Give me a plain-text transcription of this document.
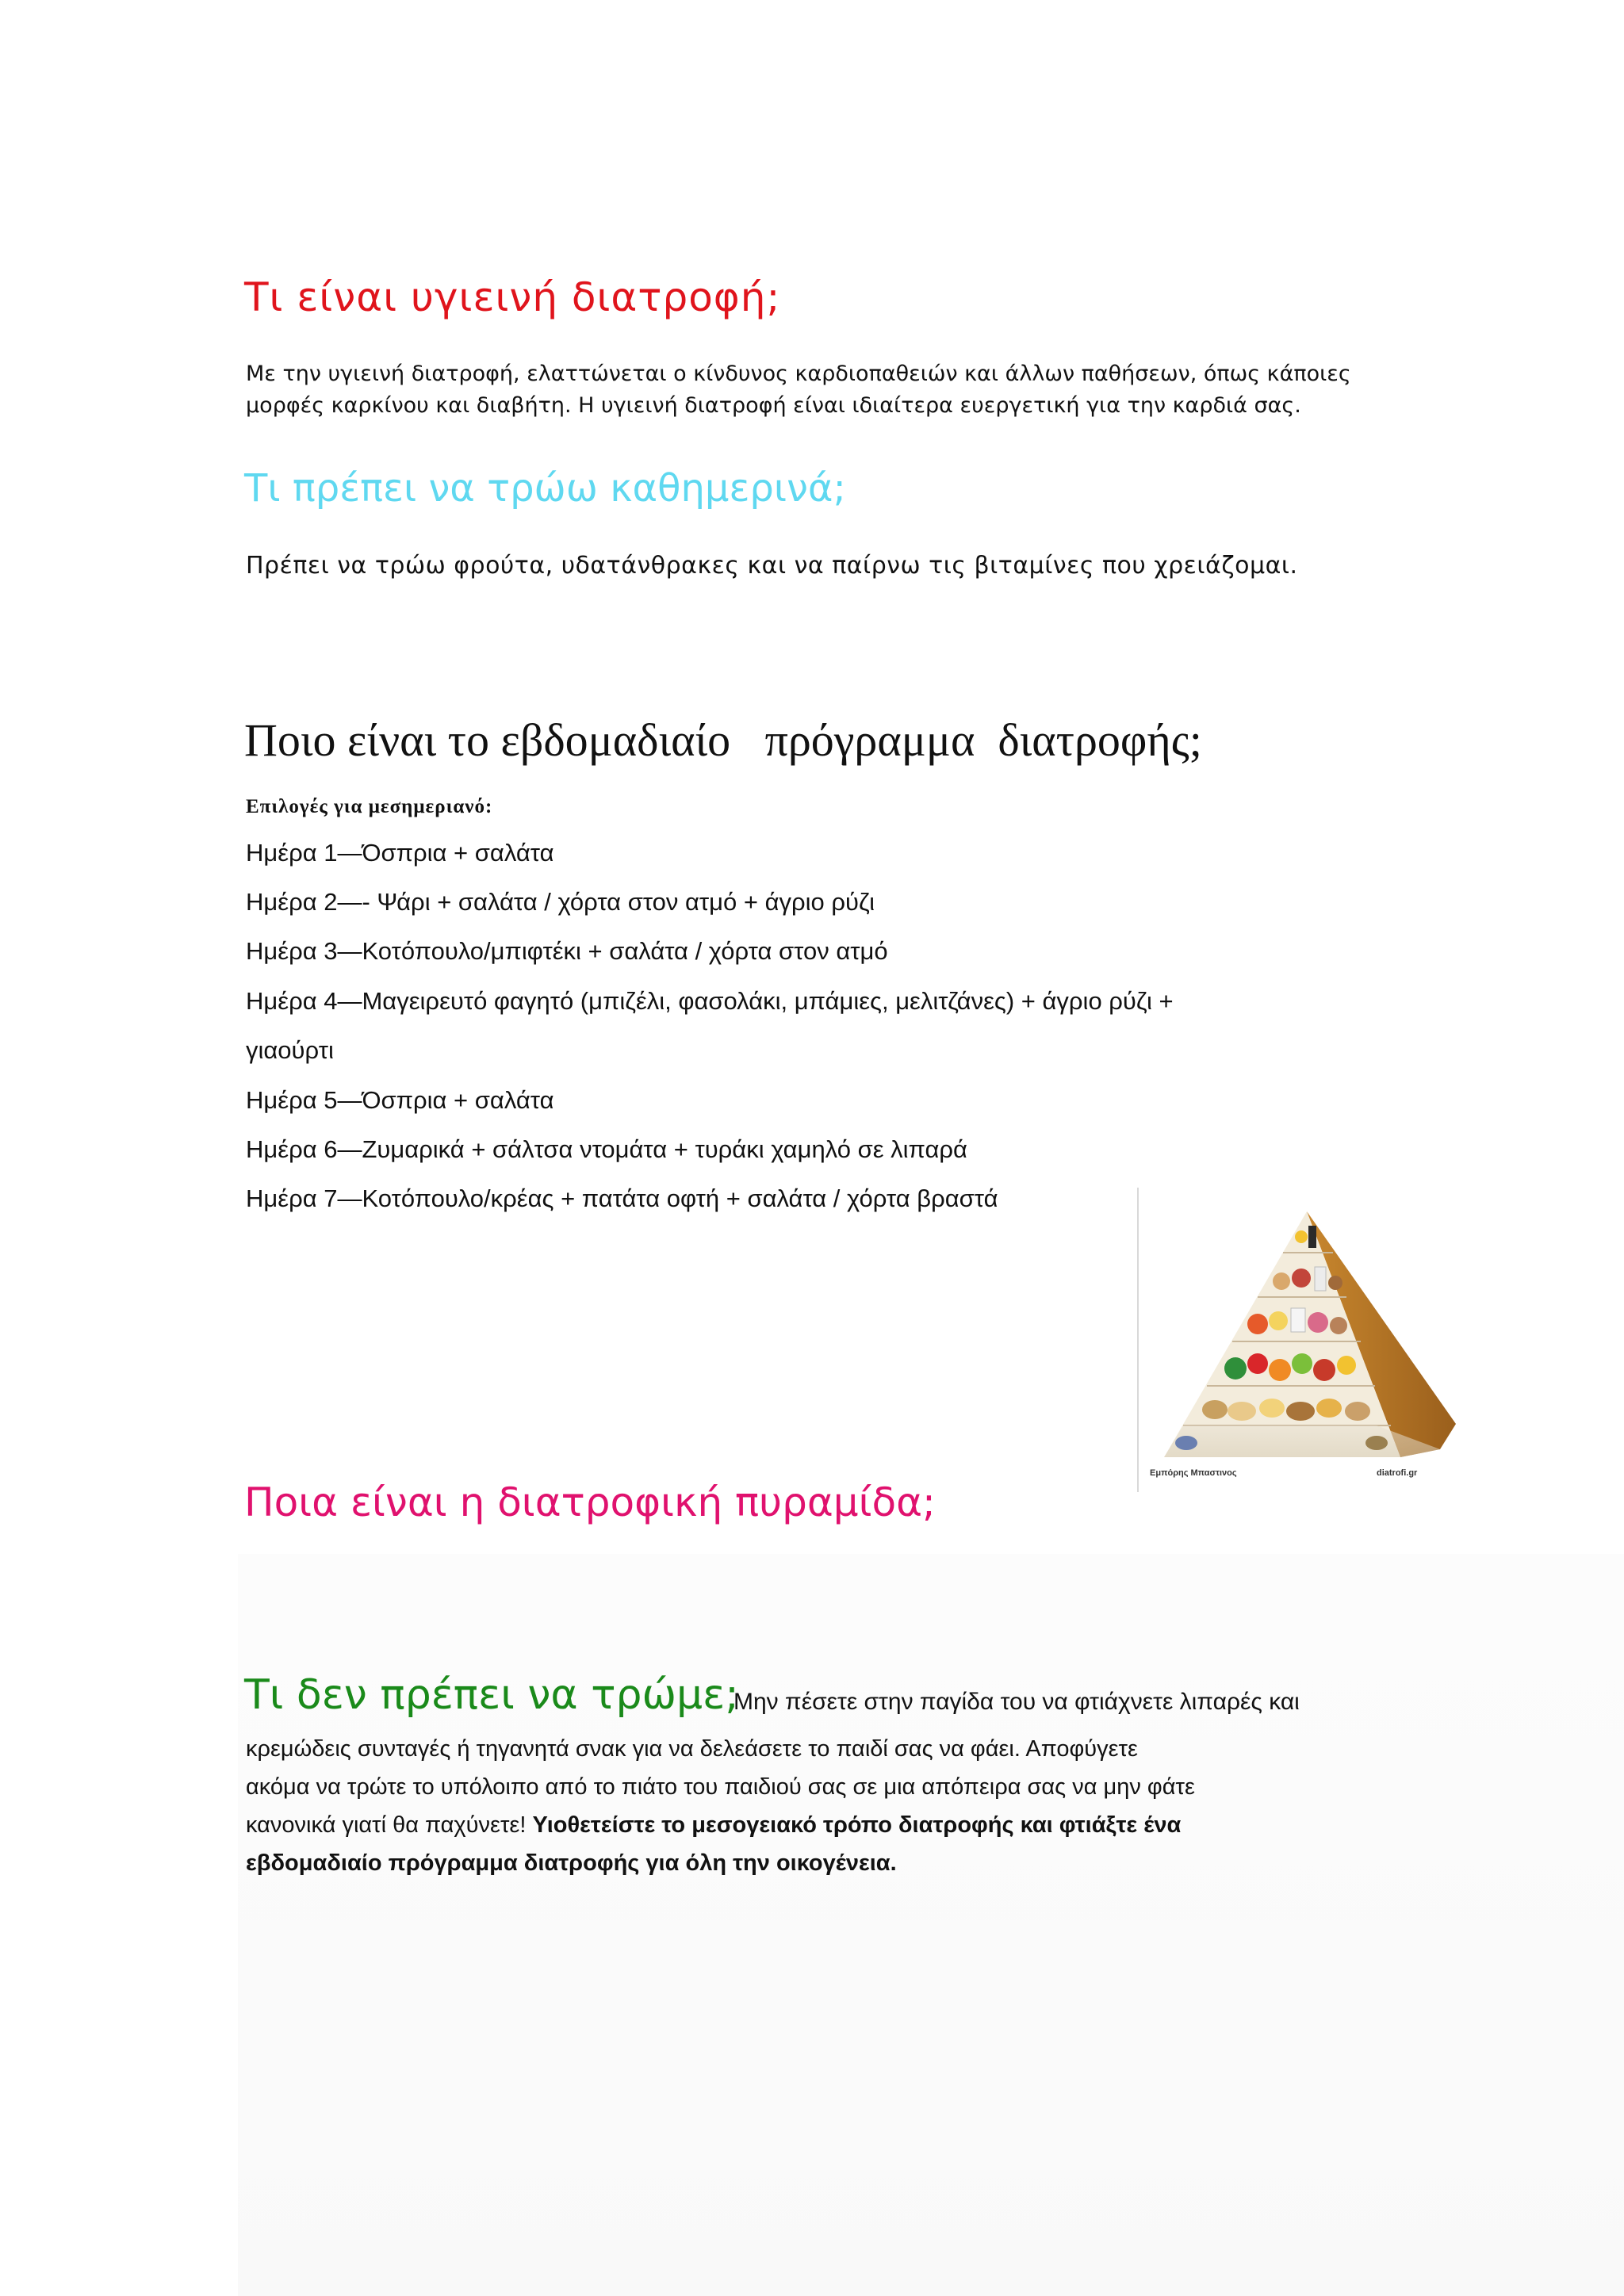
Τι είναι υγιεινή διατροφή;
Με την υγιεινή διατροφή, ελαττώνεται ο κίνδυνος καρδιοπαθειών και άλλων παθήσεων, όπως κάποιες
μορφές καρκίνου και διαβήτη. Η υγιεινή διατροφή είναι ιδιαίτερα ευεργετική για την καρδιά σας.
Τι πρέπει να τρώω καθημερινά;
Πρέπει να τρώω φρούτα, υδατάνθρακες και να παίρνω τις βιταμίνες που χρειάζομαι.
Ποιο είναι το εβδομαδιαίο   πρόγραμμα  διατροφής;
Επιλογές για μεσημεριανό:
Ημέρα 1—Όσπρια + σαλάτα
Ημέρα 2—- Ψάρι + σαλάτα / χόρτα στον ατμό + άγριο ρύζι
Ημέρα 3—Κοτόπουλο/μπιφτέκι + σαλάτα / χόρτα στον ατμό
Ημέρα 4—Μαγειρευτό φαγητό (μπιζέλι, φασολάκι, μπάμιες, μελιτζάνες) + άγριο ρύζι +
γιαούρτι
Ημέρα 5—Όσπρια + σαλάτα
Ημέρα 6—Ζυμαρικά + σάλτσα ντομάτα + τυράκι χαμηλό σε λιπαρά
Ημέρα 7—Κοτόπουλο/κρέας + πατάτα οφτή + σαλάτα / χόρτα βραστά
Εμπόρης Μπαστινος	diatrofi.gr
Ποια είναι η διατροφική πυραμίδα;
Τι δεν πρέπει να τρώμε;
Μην πέσετε στην παγίδα του να φτιάχνετε λιπαρές και
κρεμώδεις συνταγές ή τηγανητά σνακ για να δελεάσετε το παιδί σας να φάει. Αποφύγετε
ακόμα να τρώτε το υπόλοιπο από το πιάτο του παιδιού σας σε μια απόπειρα σας να μην φάτε
κανονικά γιατί θα παχύνετε! Υιοθετείστε το μεσογειακό τρόπο διατροφής και φτιάξτε ένα
εβδομαδιαίο πρόγραμμα διατροφής για όλη την οικογένεια.
